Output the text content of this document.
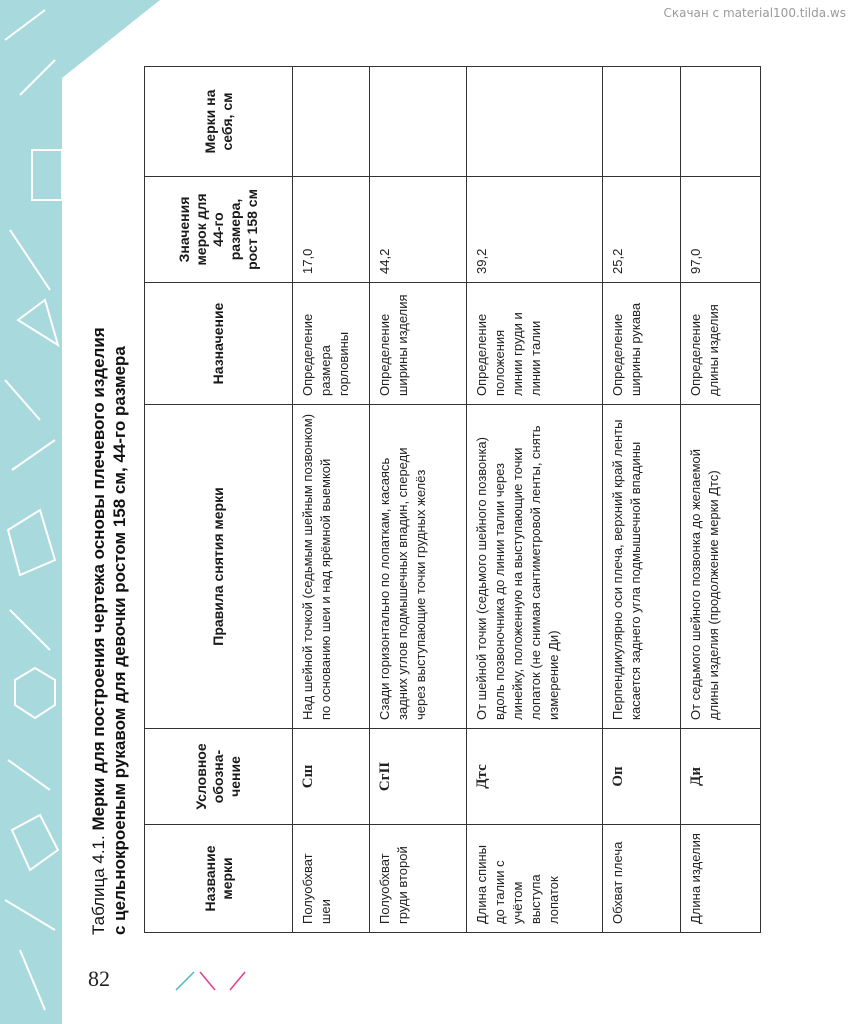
Скачан с material100.tilda.ws
82
Таблица 4.1. Мерки для построения чертежа основы плечевого изделия с цельнокроеным рукавом для девочки ростом 158 см, 44-го размера	Название мерки	Условное обозна-чение	Правила снятия мерки	Назначение	Значения мерок для 44-го размера, рост 158 см	Мерки на себя, см
Полуобхват шеи	Сш	Над шейной точкой (седьмым шейным позвонком) по основанию шеи и над ярёмной выемкой	Определение размера горловины	17,0	
Полуобхват груди второй	СгII	Сзади горизонтально по лопаткам, касаясь задних углов подмышечных впадин, спереди через выступающие точки грудных желёз	Определение ширины изделия	44,2	
Длина спины до талии с учётом выступа лопаток	Дтс	От шейной точки (седьмого шейного позвонка) вдоль позвоночника до линии талии через линейку, положенную на выступающие точки лопаток (не снимая сантиметровой ленты, снять измерение Ди)	Определение положения линии груди и линии талии	39,2	
Обхват плеча	Оп	Перпендикулярно оси плеча, верхний край ленты касается заднего угла подмышечной впадины	Определение ширины рукава	25,2	
Длина изделия	Ди	От седьмого шейного позвонка до желаемой длины изделия (продолжение мерки Дтс)	Определение длины изделия	97,0	
